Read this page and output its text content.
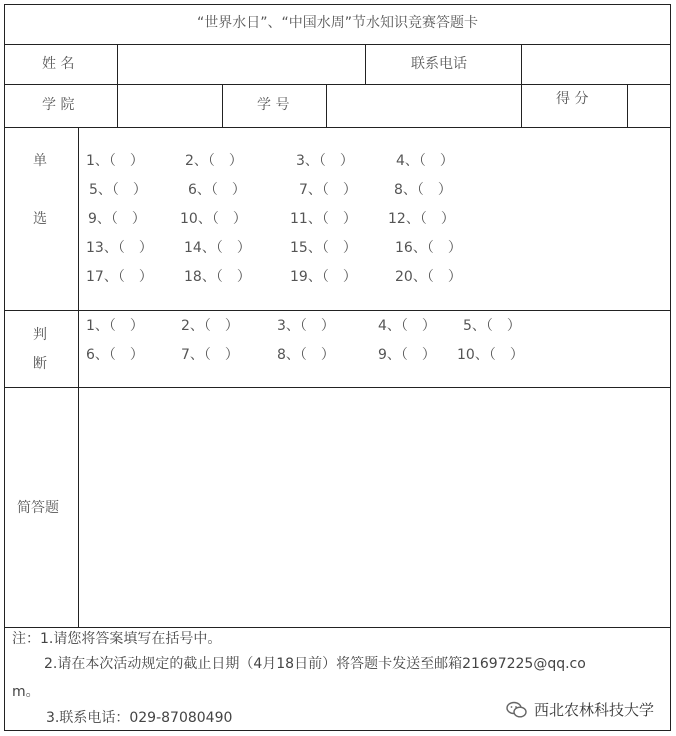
“世界水日”、“中国水周”节水知识竞赛答题卡
姓 名	联系电话
学 院	学 号	得 分
单
选
1、（　）	2、（　）	3、（　）	4、（　）
5、（　）	6、（　）	7、（　）	8、（　）
9、（　） 10、（　）	11、（　） 12、（　）
13、（　） 14、（　）	15、（　）	16、（　）
17、（　） 18、（　）	19、（　）	20、（　）
判
断
1、（　）	2、（　）	3、（　）	4、（　） 5、（　）
6、（　）	7、（　）	8、（　）	9、（　） 10、（　）
简答题
注：1.请您将答案填写在括号中。
2.请在本次活动规定的截止日期（4月18日前）将答题卡发送至邮箱21697225@qq.co
m。
3.联系电话：029-87080490	西北农林科技大学
